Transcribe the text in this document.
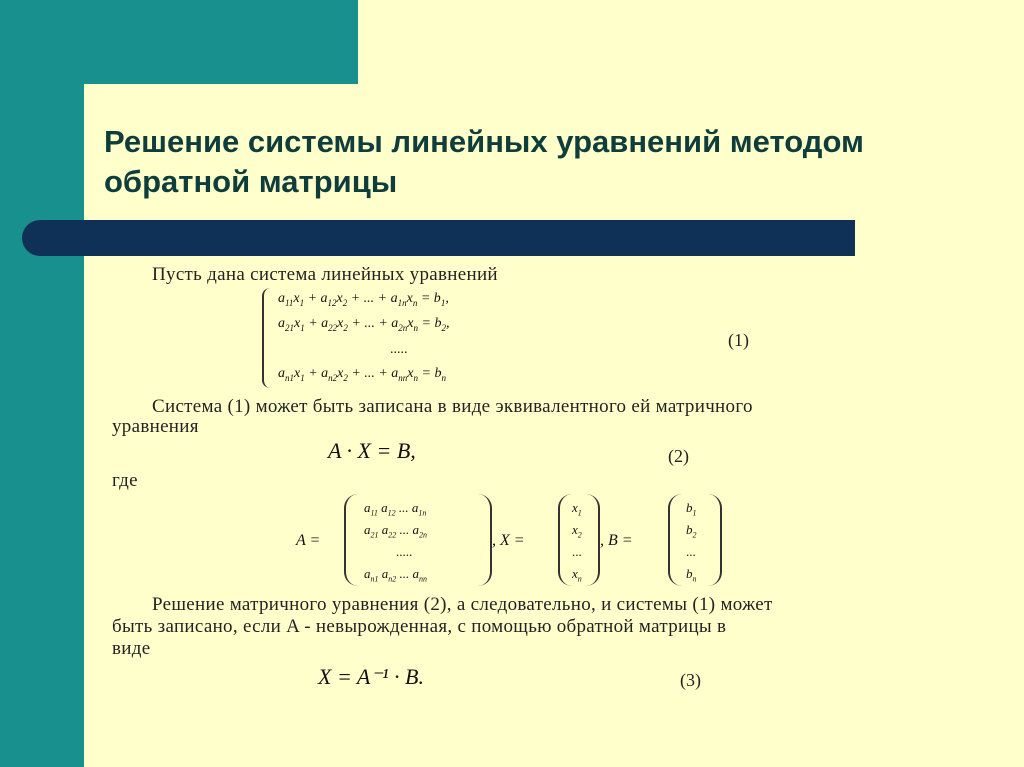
Решение системы линейных уравнений методом обратной матрицы
Пусть дана система линейных уравнений
$a_{11}x_1 + a_{12}x_2$ + ... + $a_{1n}x_n = b_1$,
$a_{21}x_1 + a_{22}x_2$ + ... + $a_{2n}x_n = b_2$,
.....
$a_{n1}x_1 + a_{n2}x_2$ + ... + $a_{nn}x_n = b_n$
(1)
Система (1) может быть записана в виде эквивалентного ей матричного
уравнения
A · X = B,	(2)
где
A =
$a_{11}$ $a_{12}$ ... $a_{1n}$
$a_{21}$ $a_{22}$ ... $a_{2n}$
.....
$a_{n1}$ $a_{n2}$ ... $a_{nn}$
, X =
$x_1$
$x_2$
...
$x_n$
, B =
$b_1$
$b_2$
...
$b_n$
Решение матричного уравнения (2), а следовательно, и системы (1) может
быть записано, если A - невырожденная, с помощью обратной матрицы в
виде
X = A⁻¹ · B.	(3)
